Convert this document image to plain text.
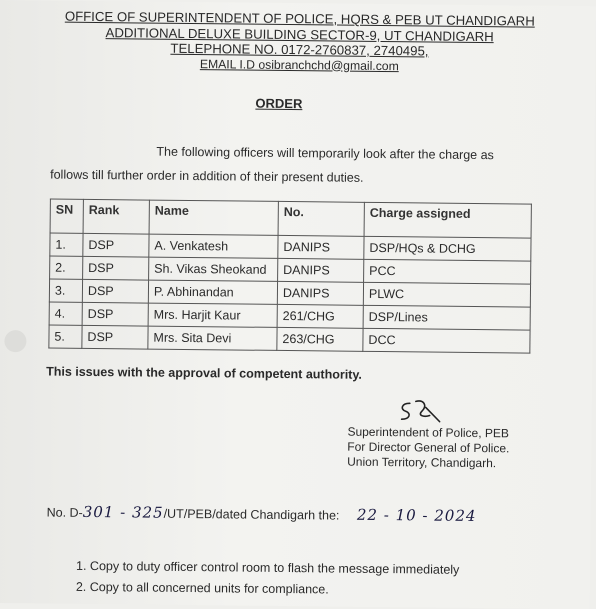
OFFICE OF SUPERINTENDENT OF POLICE, HQRS & PEB UT CHANDIGARH
ADDITIONAL DELUXE BUILDING SECTOR-9, UT CHANDIGARH
TELEPHONE NO. 0172-2760837, 2740495,
EMAIL I.D osibranchchd@gmail.com
ORDER
The following officers will temporarily look after the charge as
follows till further order in addition of their present duties.
SN	Rank	Name	No.	Charge assigned
1.	DSP	A. Venkatesh	DANIPS	DSP/HQs & DCHG
2.	DSP	Sh. Vikas Sheokand	DANIPS	PCC
3.	DSP	P. Abhinandan	DANIPS	PLWC
4.	DSP	Mrs. Harjit Kaur	261/CHG	DSP/Lines
5.	DSP	Mrs. Sita Devi	263/CHG	DCC
This issues with the approval of competent authority.
Superintendent of Police, PEB
For Director General of Police.
Union Territory, Chandigarh.
No. D-301 - 325/UT/PEB/dated Chandigarh the: 22 - 10 - 2024
1. Copy to duty officer control room to flash the message immediately
2. Copy to all concerned units for compliance.
